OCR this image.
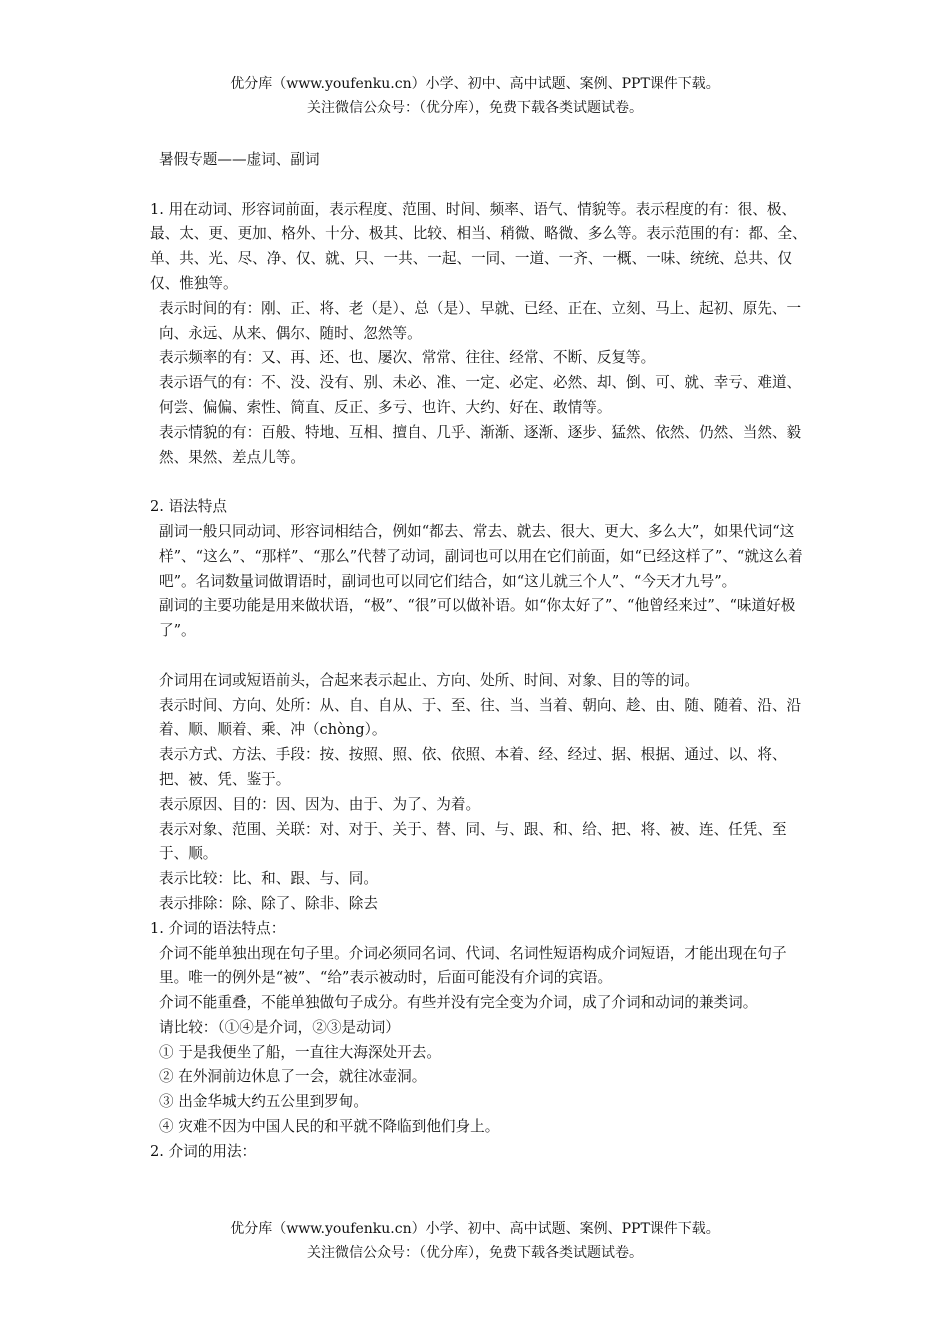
优分库（www.youfenku.cn）小学、初中、高中试题、案例、PPT课件下载。
关注微信公众号：（优分库），免费下载各类试题试卷。

暑假专题——虚词、副词

1. 用在动词、形容词前面，表示程度、范围、时间、频率、语气、情貌等。表示程度的有：很、极、最、太、更、更加、格外、十分、极其、比较、相当、稍微、略微、多么等。表示范围的有：都、全、单、共、光、尽、净、仅、就、只、一共、一起、一同、一道、一齐、一概、一味、统统、总共、仅仅、惟独等。

表示时间的有：刚、正、将、老（是）、总（是）、早就、已经、正在、立刻、马上、起初、原先、一向、永远、从来、偶尔、随时、忽然等。

表示频率的有：又、再、还、也、屡次、常常、往往、经常、不断、反复等。

表示语气的有：不、没、没有、别、未必、准、一定、必定、必然、却、倒、可、就、幸亏、难道、何尝、偏偏、索性、简直、反正、多亏、也许、大约、好在、敢情等。

表示情貌的有：百般、特地、互相、擅自、几乎、渐渐、逐渐、逐步、猛然、依然、仍然、当然、毅然、果然、差点儿等。

2. 语法特点

副词一般只同动词、形容词相结合，例如“都去、常去、就去、很大、更大、多么大”，如果代词“这样”、“这么”、“那样”、“那么”代替了动词，副词也可以用在它们前面，如“已经这样了”、“就这么着吧”。名词数量词做谓语时，副词也可以同它们结合，如“这儿就三个人”、“今天才九号”。

副词的主要功能是用来做状语，“极”、“很”可以做补语。如“你太好了”、“他曾经来过”、“味道好极了”。

介词用在词或短语前头，合起来表示起止、方向、处所、时间、对象、目的等的词。

表示时间、方向、处所：从、自、自从、于、至、往、当、当着、朝向、趁、由、随、随着、沿、沿着、顺、顺着、乘、冲（chòng）。

表示方式、方法、手段：按、按照、照、依、依照、本着、经、经过、据、根据、通过、以、将、把、被、凭、鉴于。

表示原因、目的：因、因为、由于、为了、为着。

表示对象、范围、关联：对、对于、关于、替、同、与、跟、和、给、把、将、被、连、任凭、至于、顺。

表示比较：比、和、跟、与、同。

表示排除：除、除了、除非、除去

1. 介词的语法特点：

介词不能单独出现在句子里。介词必须同名词、代词、名词性短语构成介词短语，才能出现在句子里。唯一的例外是“被”、“给”表示被动时，后面可能没有介词的宾语。

介词不能重叠，不能单独做句子成分。有些并没有完全变为介词，成了介词和动词的兼类词。

请比较：（①④是介词，②③是动词）

① 于是我便坐了船，一直往大海深处开去。

② 在外洞前边休息了一会，就往冰壶洞。

③ 出金华城大约五公里到罗甸。

④ 灾难不因为中国人民的和平就不降临到他们身上。

2. 介词的用法：

优分库（www.youfenku.cn）小学、初中、高中试题、案例、PPT课件下载。
关注微信公众号：（优分库），免费下载各类试题试卷。
